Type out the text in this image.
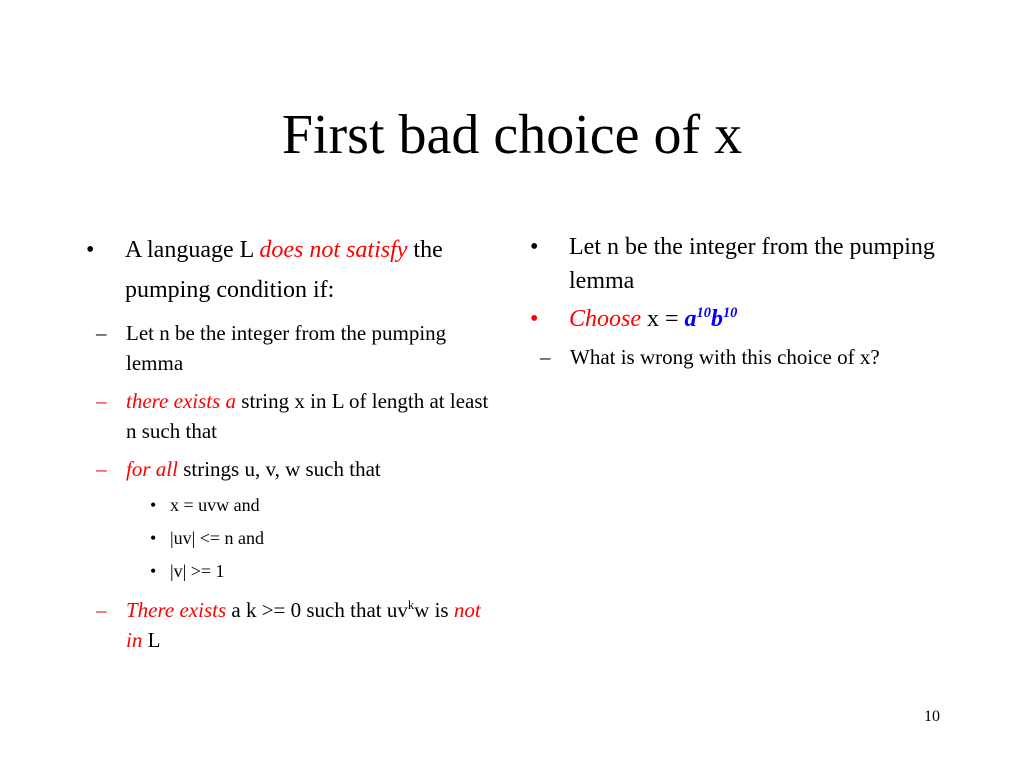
First bad choice of x
• A language L does not satisfy the pumping condition if:
– Let n be the integer from the pumping lemma
– there exists a string x in L of length at least n such that
– for all strings u, v, w such that
• x = uvw and
• |uv| <= n and
• |v| >= 1
– There exists a k >= 0 such that $uv^kw$ is not in L
• Let n be the integer from the pumping lemma
• Choose $x = a^{10}b^{10}$
– What is wrong with this choice of x?
10
